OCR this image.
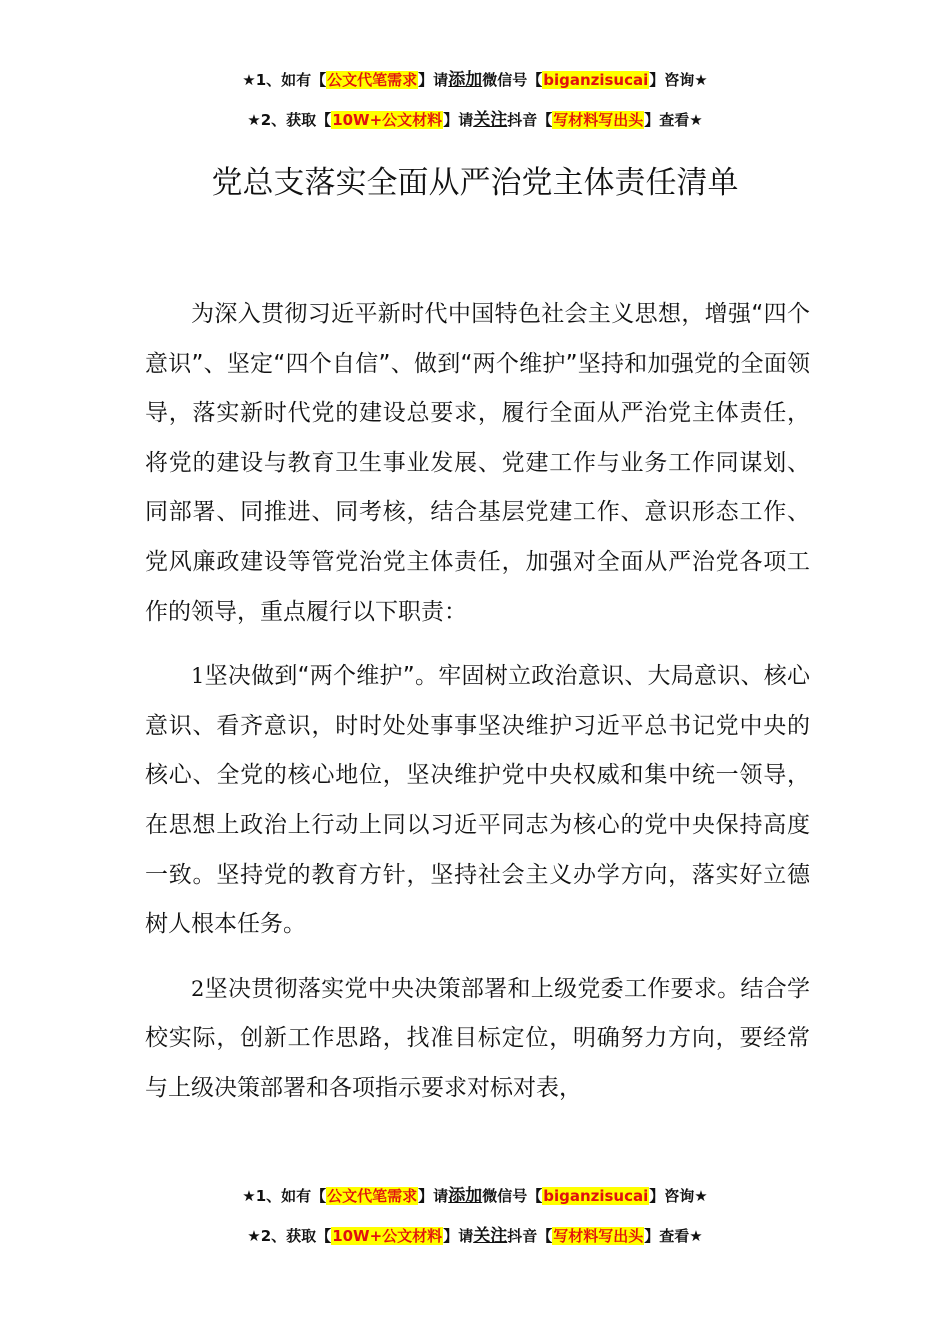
★1、如有【公文代笔需求】请添加微信号【biganzisucai】咨询★
★2、获取【10W+公文材料】请关注抖音【写材料写出头】查看★
党总支落实全面从严治党主体责任清单

为深入贯彻习近平新时代中国特色社会主义思想，增强“四个意识”、坚定“四个自信”、做到“两个维护”坚持和加强党的全面领导，落实新时代党的建设总要求，履行全面从严治党主体责任，将党的建设与教育卫生事业发展、党建工作与业务工作同谋划、同部署、同推进、同考核，结合基层党建工作、意识形态工作、党风廉政建设等管党治党主体责任，加强对全面从严治党各项工作的领导，重点履行以下职责：

1坚决做到“两个维护”。牢固树立政治意识、大局意识、核心意识、看齐意识，时时处处事事坚决维护习近平总书记党中央的核心、全党的核心地位，坚决维护党中央权威和集中统一领导，在思想上政治上行动上同以习近平同志为核心的党中央保持高度一致。坚持党的教育方针，坚持社会主义办学方向，落实好立德树人根本任务。

2坚决贯彻落实党中央决策部署和上级党委工作要求。结合学校实际，创新工作思路，找准目标定位，明确努力方向，要经常与上级决策部署和各项指示要求对标对表，

★1、如有【公文代笔需求】请添加微信号【biganzisucai】咨询★
★2、获取【10W+公文材料】请关注抖音【写材料写出头】查看★
